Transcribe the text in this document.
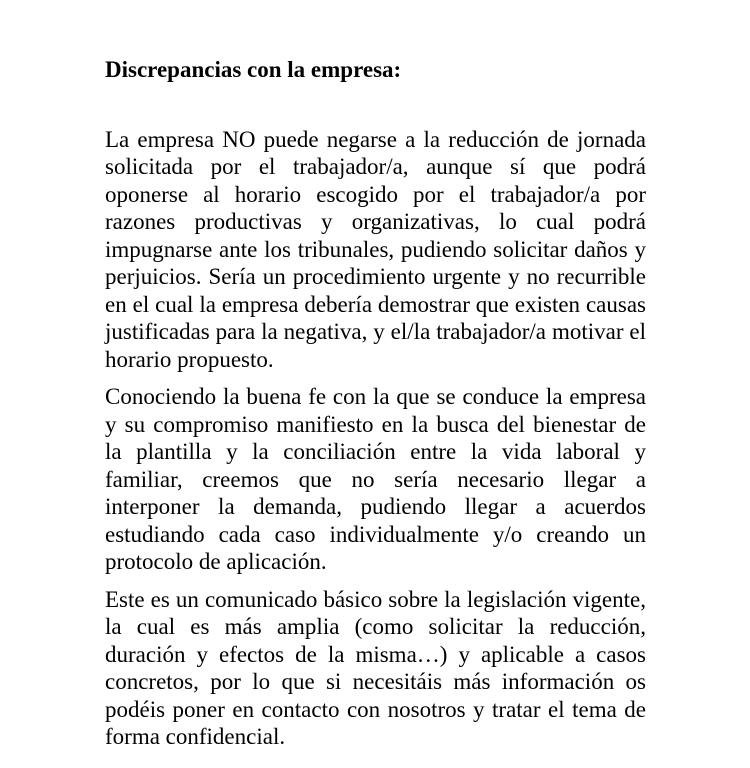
Discrepancias con la empresa:

La empresa NO puede negarse a la reducción de jornada solicitada por el trabajador/a, aunque sí que podrá oponerse al horario escogido por el trabajador/a por razones productivas y organizativas, lo cual podrá impugnarse ante los tribunales, pudiendo solicitar daños y perjuicios. Sería un procedimiento urgente y no recurrible en el cual la empresa debería demostrar que existen causas justificadas para la negativa, y el/la trabajador/a motivar el horario propuesto.

Conociendo la buena fe con la que se conduce la empresa y su compromiso manifiesto en la busca del bienestar de la plantilla y la conciliación entre la vida laboral y familiar, creemos que no sería necesario llegar a interponer la demanda, pudiendo llegar a acuerdos estudiando cada caso individualmente y/o creando un protocolo de aplicación.

Este es un comunicado básico sobre la legislación vigente, la cual es más amplia (como solicitar la reducción, duración y efectos de la misma…) y aplicable a casos concretos, por lo que si necesitáis más información os podéis poner en contacto con nosotros y tratar el tema de forma confidencial.
